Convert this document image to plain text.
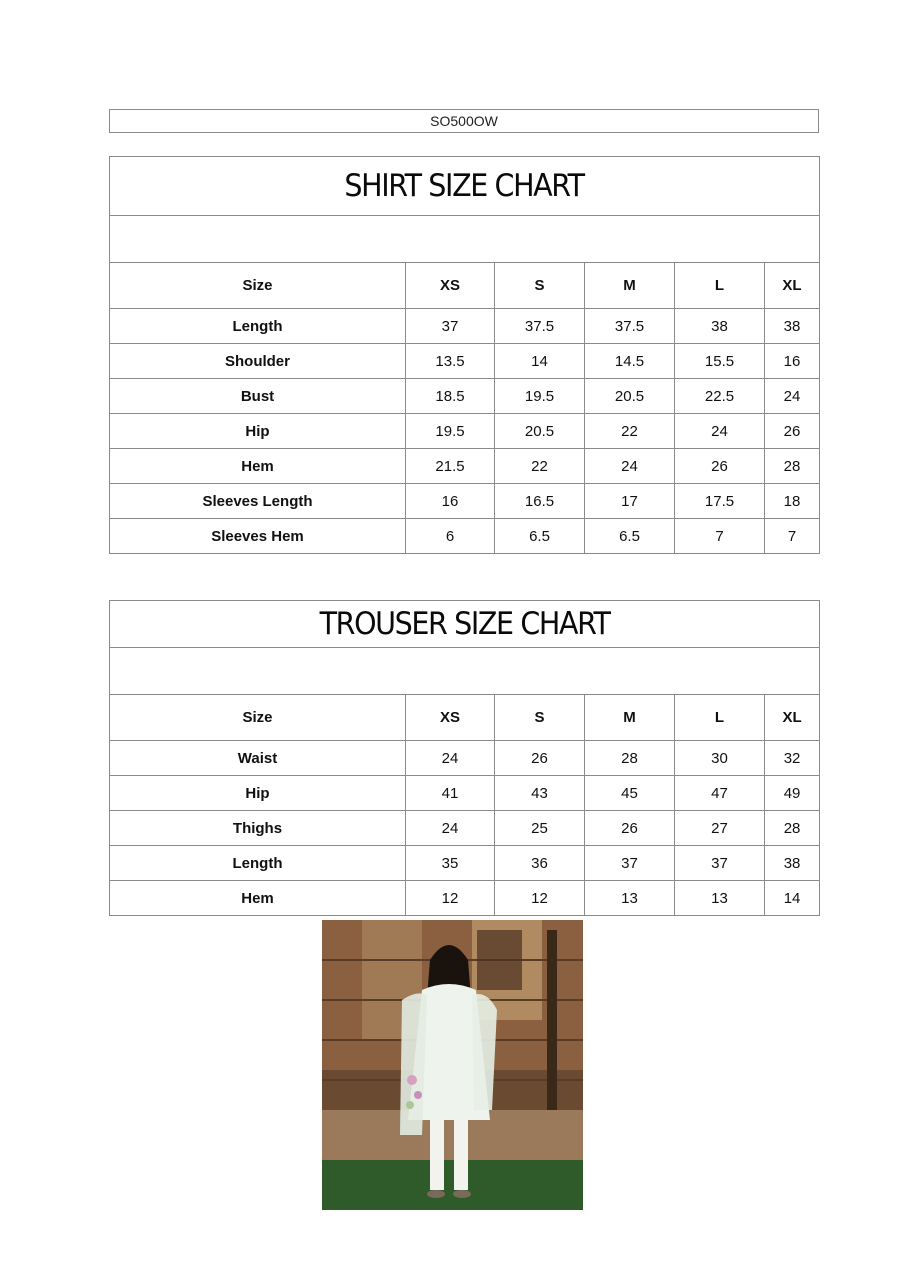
SO500OW
SHIRT SIZE CHART					

Size	XS	S	M	L	XL
Length	37	37.5	37.5	38	38
Shoulder	13.5	14	14.5	15.5	16
Bust	18.5	19.5	20.5	22.5	24
Hip	19.5	20.5	22	24	26
Hem	21.5	22	24	26	28
Sleeves Length	16	16.5	17	17.5	18
Sleeves Hem	6	6.5	6.5	7	7
TROUSER SIZE CHART					

Size	XS	S	M	L	XL
Waist	24	26	28	30	32
Hip	41	43	45	47	49
Thighs	24	25	26	27	28
Length	35	36	37	37	38
Hem	12	12	13	13	14
